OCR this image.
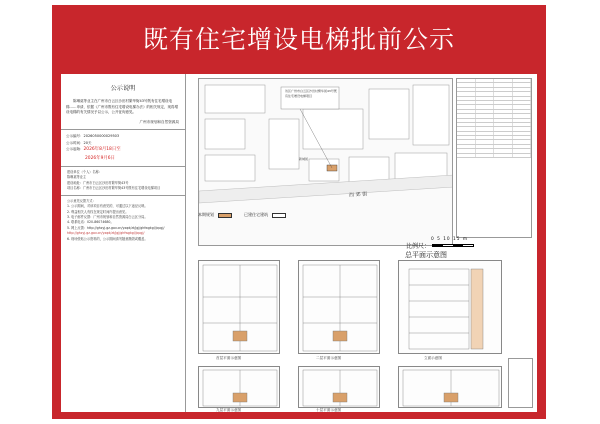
既有住宅增设电梯批前公示
公示说明
陈琳莫等业主在广州市白云区沙田村繁华街43号既有住宅增设电梯……申请，依据《广州市既有住宅增设电梯办法》的相关规定，现将增设电梯的有关情况予以公示，公开征询意见。
广州市规划和自然资源局
公示编号：2026050000029503
公示时间：20天
公示起始：2026年8月18日至
2026年9月6日
建设单位（个人）名称：
陈琳莫等业主
建设地址：广州市白云区沙田村繁华街43号
项目名称：广州市白云区沙田村繁华街43号既有住宅增设电梯项目
公示意见反馈方式：
1. 公示期间，对该项目有意见的，可通过以下途径反映。
2. 利益相关人有权在规定时间内提出意见。
3. 电子邮件反馈：广州市规划和自然资源局白云区分局。
4. 联系电话：020-86074680。
5. 网上反馈：http://ghzyj.gz.gov.cn/yxqd/zt/jgj/ghfwgkgl/jcpgj/
http://ghzyj.gz.gov.cn/yxqd/zt/jgj/ghfwgkgl/jcpgj/
6. 现场张贴公示资料的，公示期间请勿随意撕毁或覆盖。
该区广州市白云区沙田村繁华街43号既有住宅增设电梯项目
西 郊 街
新城街
本期规划	已建住宅建筑
比例尺：
0 5 10 15 m
总平面示意图
首层平面示意图	二层平面示意图	立面示意图
九层平面示意图	十层平面示意图
